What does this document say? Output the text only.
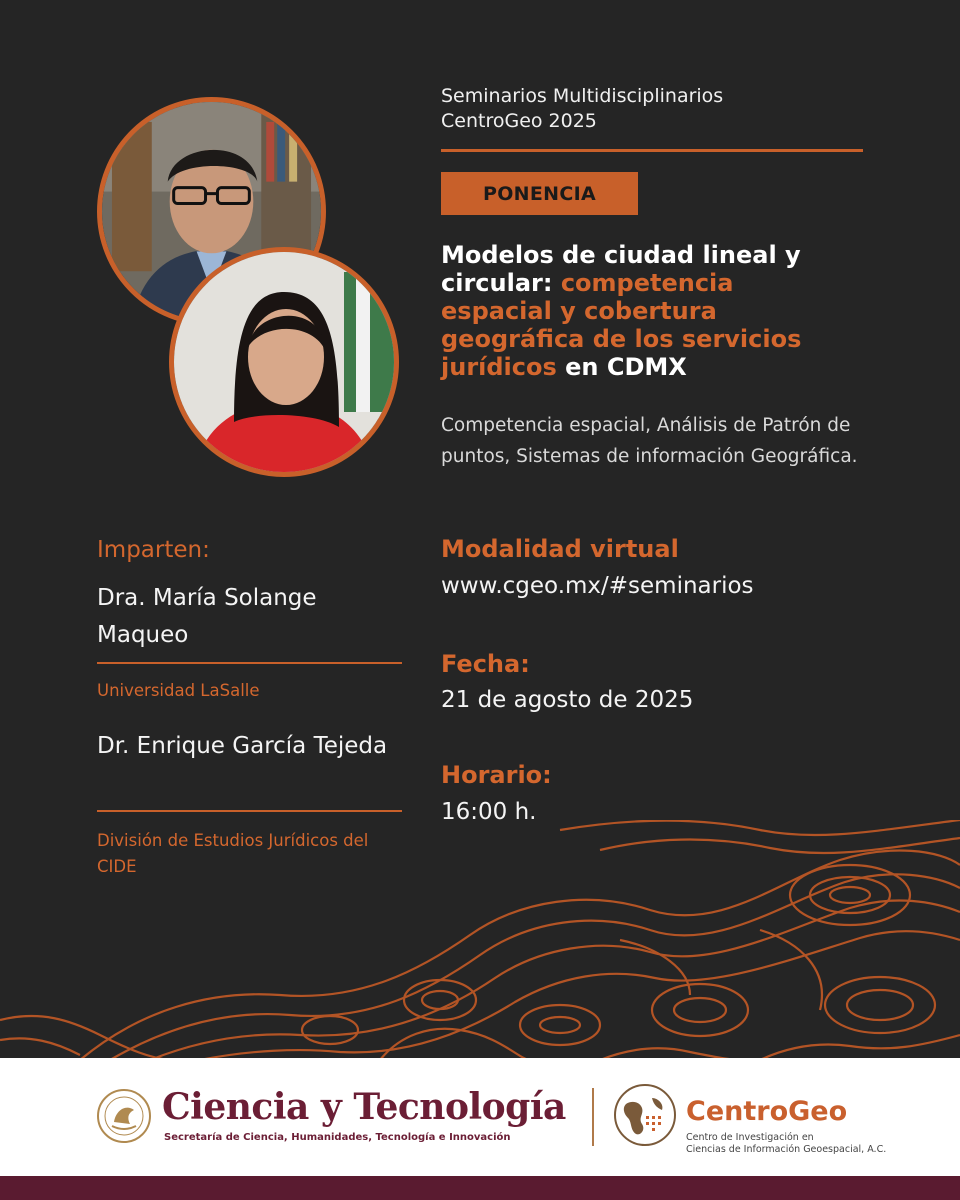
Seminarios Multidisciplinarios
CentroGeo 2025
PONENCIA
Modelos de ciudad lineal y circular: competencia espacial y cobertura geográfica de los servicios jurídicos en CDMX
Competencia espacial, Análisis de Patrón de puntos, Sistemas de información Geográfica.
Modalidad virtual
www.cgeo.mx/#seminarios
Fecha:
21 de agosto de 2025
Horario:
16:00 h.
Imparten:
Dra. María Solange Maqueo
Universidad LaSalle
Dr. Enrique García Tejeda
División de Estudios Jurídicos del CIDE
Ciencia y Tecnología
Secretaría de Ciencia, Humanidades, Tecnología e Innovación
CentroGeo
Centro de Investigación en
Ciencias de Información Geoespacial, A.C.
